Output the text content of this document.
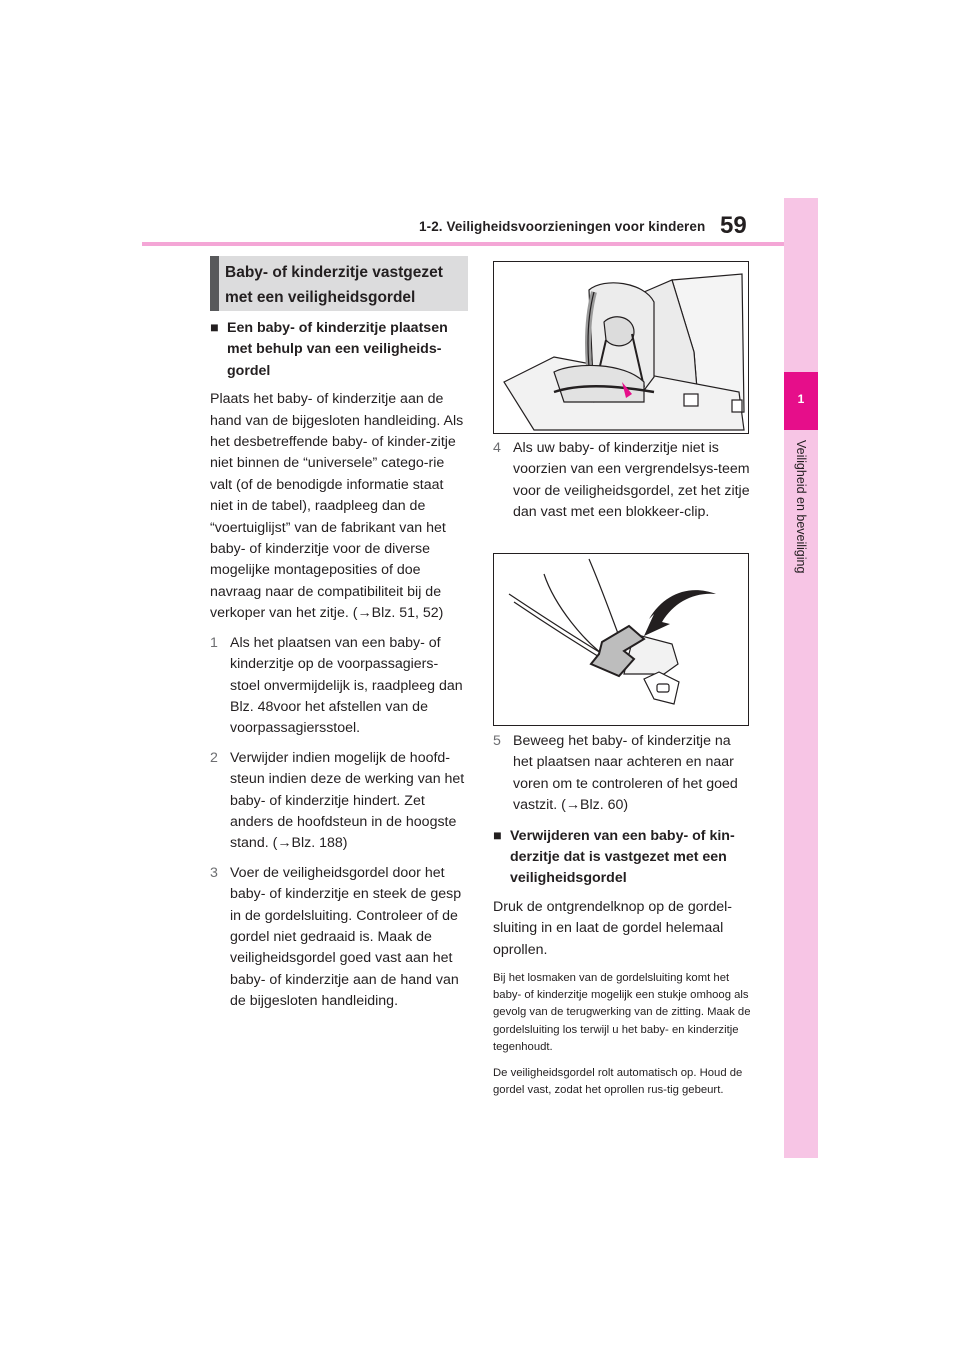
1-2. Veiligheidsvoorzieningen voor kinderen 59
1
Veiligheid en beveiliging
Baby- of kinderzitje vastgezet
met een veiligheidsgordel

■ Een baby- of kinderzitje plaatsen met behulp van een veiligheids-gordel

Plaats het baby- of kinderzitje aan de hand van de bijgesloten handleiding. Als het desbetreffende baby- of kinder-zitje niet binnen de “universele” catego-rie valt (of de benodigde informatie staat niet in de tabel), raadpleeg dan de “voertuiglijst” van de fabrikant van het baby- of kinderzitje voor de diverse mogelijke montageposities of doe navraag naar de compatibiliteit bij de verkoper van het zitje. (→Blz. 51, 52)

1 Als het plaatsen van een baby- of kinderzitje op de voorpassagiers-stoel onvermijdelijk is, raadpleeg dan Blz. 48voor het afstellen van de voorpassagiersstoel.

2 Verwijder indien mogelijk de hoofd-steun indien deze de werking van het baby- of kinderzitje hindert. Zet anders de hoofdsteun in de hoogste stand. (→Blz. 188)

3 Voer de veiligheidsgordel door het baby- of kinderzitje en steek de gesp in de gordelsluiting. Controleer of de gordel niet gedraaid is. Maak de veiligheidsgordel goed vast aan het baby- of kinderzitje aan de hand van de bijgesloten handleiding.

4 Als uw baby- of kinderzitje niet is voorzien van een vergrendelsys-teem voor de veiligheidsgordel, zet het zitje dan vast met een blokkeer-clip.

5 Beweeg het baby- of kinderzitje na het plaatsen naar achteren en naar voren om te controleren of het goed vastzit. (→Blz. 60)

■ Verwijderen van een baby- of kin-derzitje dat is vastgezet met een veiligheidsgordel

Druk de ontgrendelknop op de gordel-sluiting in en laat de gordel helemaal oprollen.

Bij het losmaken van de gordelsluiting komt het baby- of kinderzitje mogelijk een stukje omhoog als gevolg van de terugwerking van de zitting. Maak de gordelsluiting los terwijl u het baby- en kinderzitje tegenhoudt.

De veiligheidsgordel rolt automatisch op. Houd de gordel vast, zodat het oprollen rus-tig gebeurt.
